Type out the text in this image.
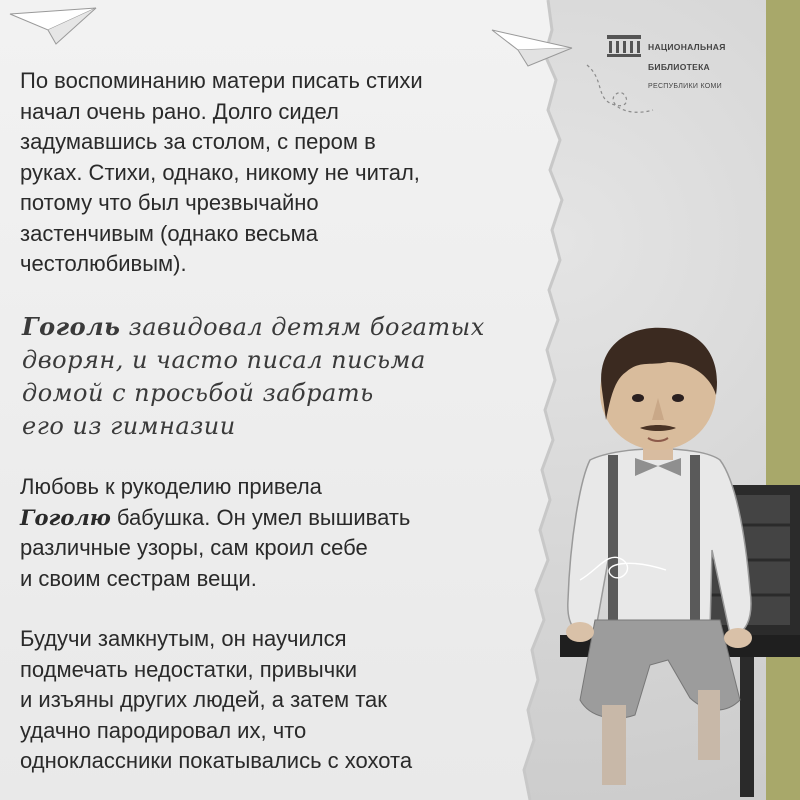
НАЦИОНАЛЬНАЯ

БИБЛИОТЕКА

РЕСПУБЛИКИ КОМИ

По воспоминанию матери писать стихи
начал очень рано. Долго сидел
задумавшись за столом, с пером в
руках. Стихи, однако, никому не читал,
потому что был чрезвычайно
застенчивым (однако весьма
честолюбивым).

Гоголь завидовал детям богатых
дворян, и часто писал письма
домой с просьбой забрать
его из гимназии

Любовь к рукоделию привела
Гоголю бабушка. Он умел вышивать
различные узоры, сам кроил себе
и своим сестрам вещи.

Будучи замкнутым, он научился
подмечать недостатки, привычки
и изъяны других людей, а затем так
удачно пародировал их, что
одноклассники покатывались с хохота
